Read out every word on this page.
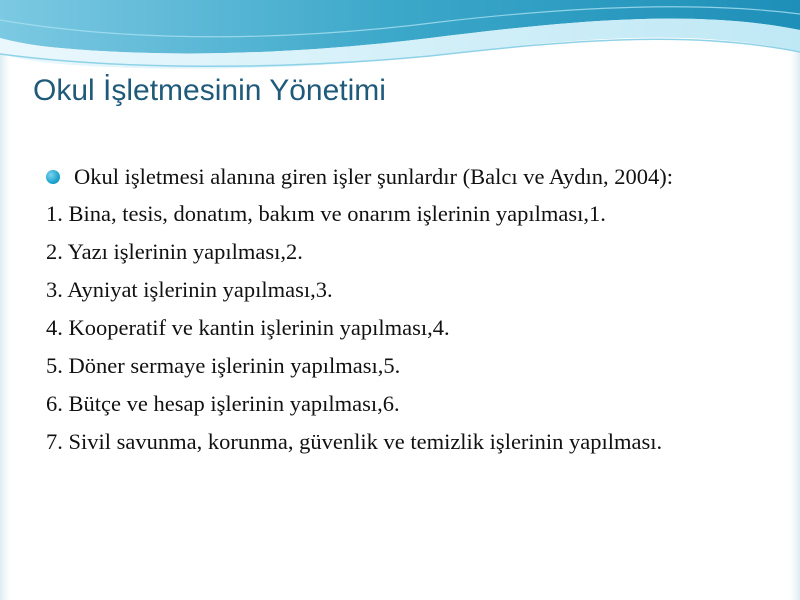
Okul İşletmesinin Yönetimi
Okul işletmesi alanına giren işler şunlardır (Balcı ve Aydın, 2004):
1. Bina, tesis, donatım, bakım ve onarım işlerinin yapılması,1.
2. Yazı işlerinin yapılması,2.
3. Ayniyat işlerinin yapılması,3.
4. Kooperatif ve kantin işlerinin yapılması,4.
5. Döner sermaye işlerinin yapılması,5.
6. Bütçe ve hesap işlerinin yapılması,6.
7. Sivil savunma, korunma, güvenlik ve temizlik işlerinin yapılması.
